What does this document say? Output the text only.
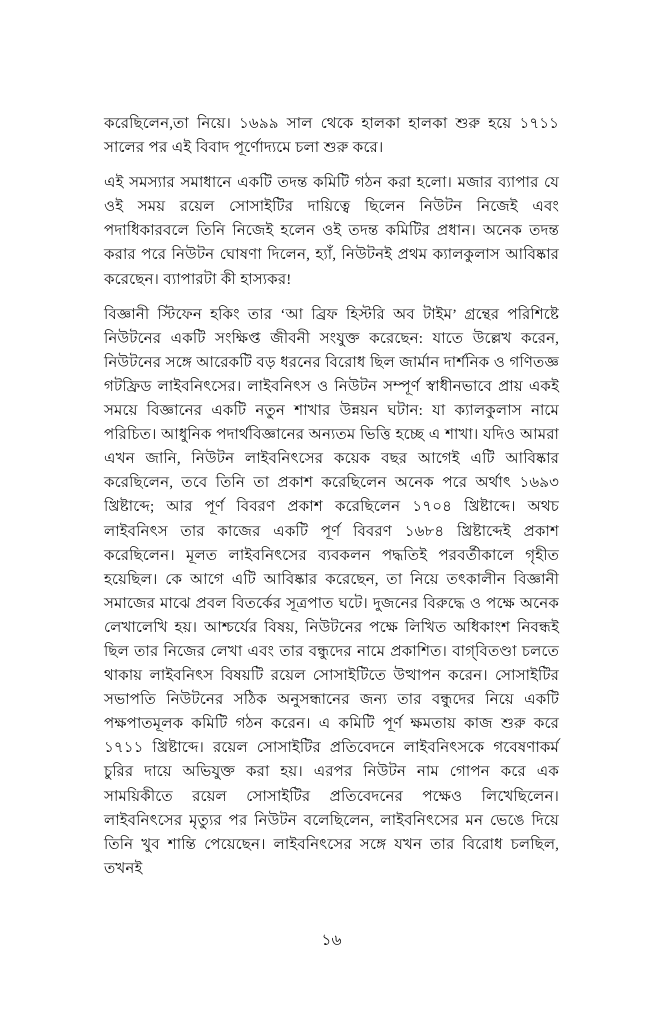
করেছিলেন,তা নিয়ে। ১৬৯৯ সাল থেকে হালকা হালকা শুরু হয়ে ১৭১১ সালের পর এই বিবাদ পূর্ণোদ্যমে চলা শুরু করে।

এই সমস্যার সমাধানে একটি তদন্ত কমিটি গঠন করা হলো। মজার ব্যাপার যে ওই সময় রয়েল সোসাইটির দায়িত্বে ছিলেন নিউটন নিজেই এবং পদাধিকারবলে তিনি নিজেই হলেন ওই তদন্ত কমিটির প্রধান। অনেক তদন্ত করার পরে নিউটন ঘোষণা দিলেন, হ্যাঁ, নিউটনই প্রথম ক্যালকুলাস আবিষ্কার করেছেন। ব্যাপারটা কী হাস্যকর!

বিজ্ঞানী স্টিফেন হকিং তার ‘আ ব্রিফ হিস্টরি অব টাইম’ গ্রন্থের পরিশিষ্টে নিউটনের একটি সংক্ষিপ্ত জীবনী সংযুক্ত করেছেন: যাতে উল্লেখ করেন, নিউটনের সঙ্গে আরেকটি বড় ধরনের বিরোধ ছিল জার্মান দার্শনিক ও গণিতজ্ঞ গটফ্রিড লাইবনিৎসের। লাইবনিৎস ও নিউটন সম্পূর্ণ স্বাধীনভাবে প্রায় একই সময়ে বিজ্ঞানের একটি নতুন শাখার উন্নয়ন ঘটান: যা ক্যালকুলাস নামে পরিচিত। আধুনিক পদার্থবিজ্ঞানের অন্যতম ভিত্তি হচ্ছে এ শাখা। যদিও আমরা এখন জানি, নিউটন লাইবনিৎসের কয়েক বছর আগেই এটি আবিষ্কার করেছিলেন, তবে তিনি তা প্রকাশ করেছিলেন অনেক পরে অর্থাৎ ১৬৯৩ খ্রিষ্টাব্দে; আর পূর্ণ বিবরণ প্রকাশ করেছিলেন ১৭০৪ খ্রিষ্টাব্দে। অথচ লাইবনিৎস তার কাজের একটি পূর্ণ বিবরণ ১৬৮৪ খ্রিষ্টাব্দেই প্রকাশ করেছিলেন। মূলত লাইবনিৎসের ব্যবকলন পদ্ধতিই পরবর্তীকালে গৃহীত হয়েছিল। কে আগে এটি আবিষ্কার করেছেন, তা নিয়ে তৎকালীন বিজ্ঞানী সমাজের মাঝে প্রবল বিতর্কের সূত্রপাত ঘটে। দুজনের বিরুদ্ধে ও পক্ষে অনেক লেখালেখি হয়। আশ্চর্যের বিষয়, নিউটনের পক্ষে লিখিত অধিকাংশ নিবন্ধই ছিল তার নিজের লেখা এবং তার বন্ধুদের নামে প্রকাশিত। বাগ্‌বিতণ্ডা চলতে থাকায় লাইবনিৎস বিষয়টি রয়েল সোসাইটিতে উত্থাপন করেন। সোসাইটির সভাপতি নিউটনের সঠিক অনুসন্ধানের জন্য তার বন্ধুদের নিয়ে একটি পক্ষপাতমূলক কমিটি গঠন করেন। এ কমিটি পূর্ণ ক্ষমতায় কাজ শুরু করে ১৭১১ খ্রিষ্টাব্দে। রয়েল সোসাইটির প্রতিবেদনে লাইবনিৎসকে গবেষণাকর্ম চুরির দায়ে অভিযুক্ত করা হয়। এরপর নিউটন নাম গোপন করে এক সাময়িকীতে রয়েল সোসাইটির প্রতিবেদনের পক্ষেও লিখেছিলেন। লাইবনিৎসের মৃত্যুর পর নিউটন বলেছিলেন, লাইবনিৎসের মন ভেঙে দিয়ে তিনি খুব শান্তি পেয়েছেন। লাইবনিৎসের সঙ্গে যখন তার বিরোধ চলছিল, তখনই

১৬
